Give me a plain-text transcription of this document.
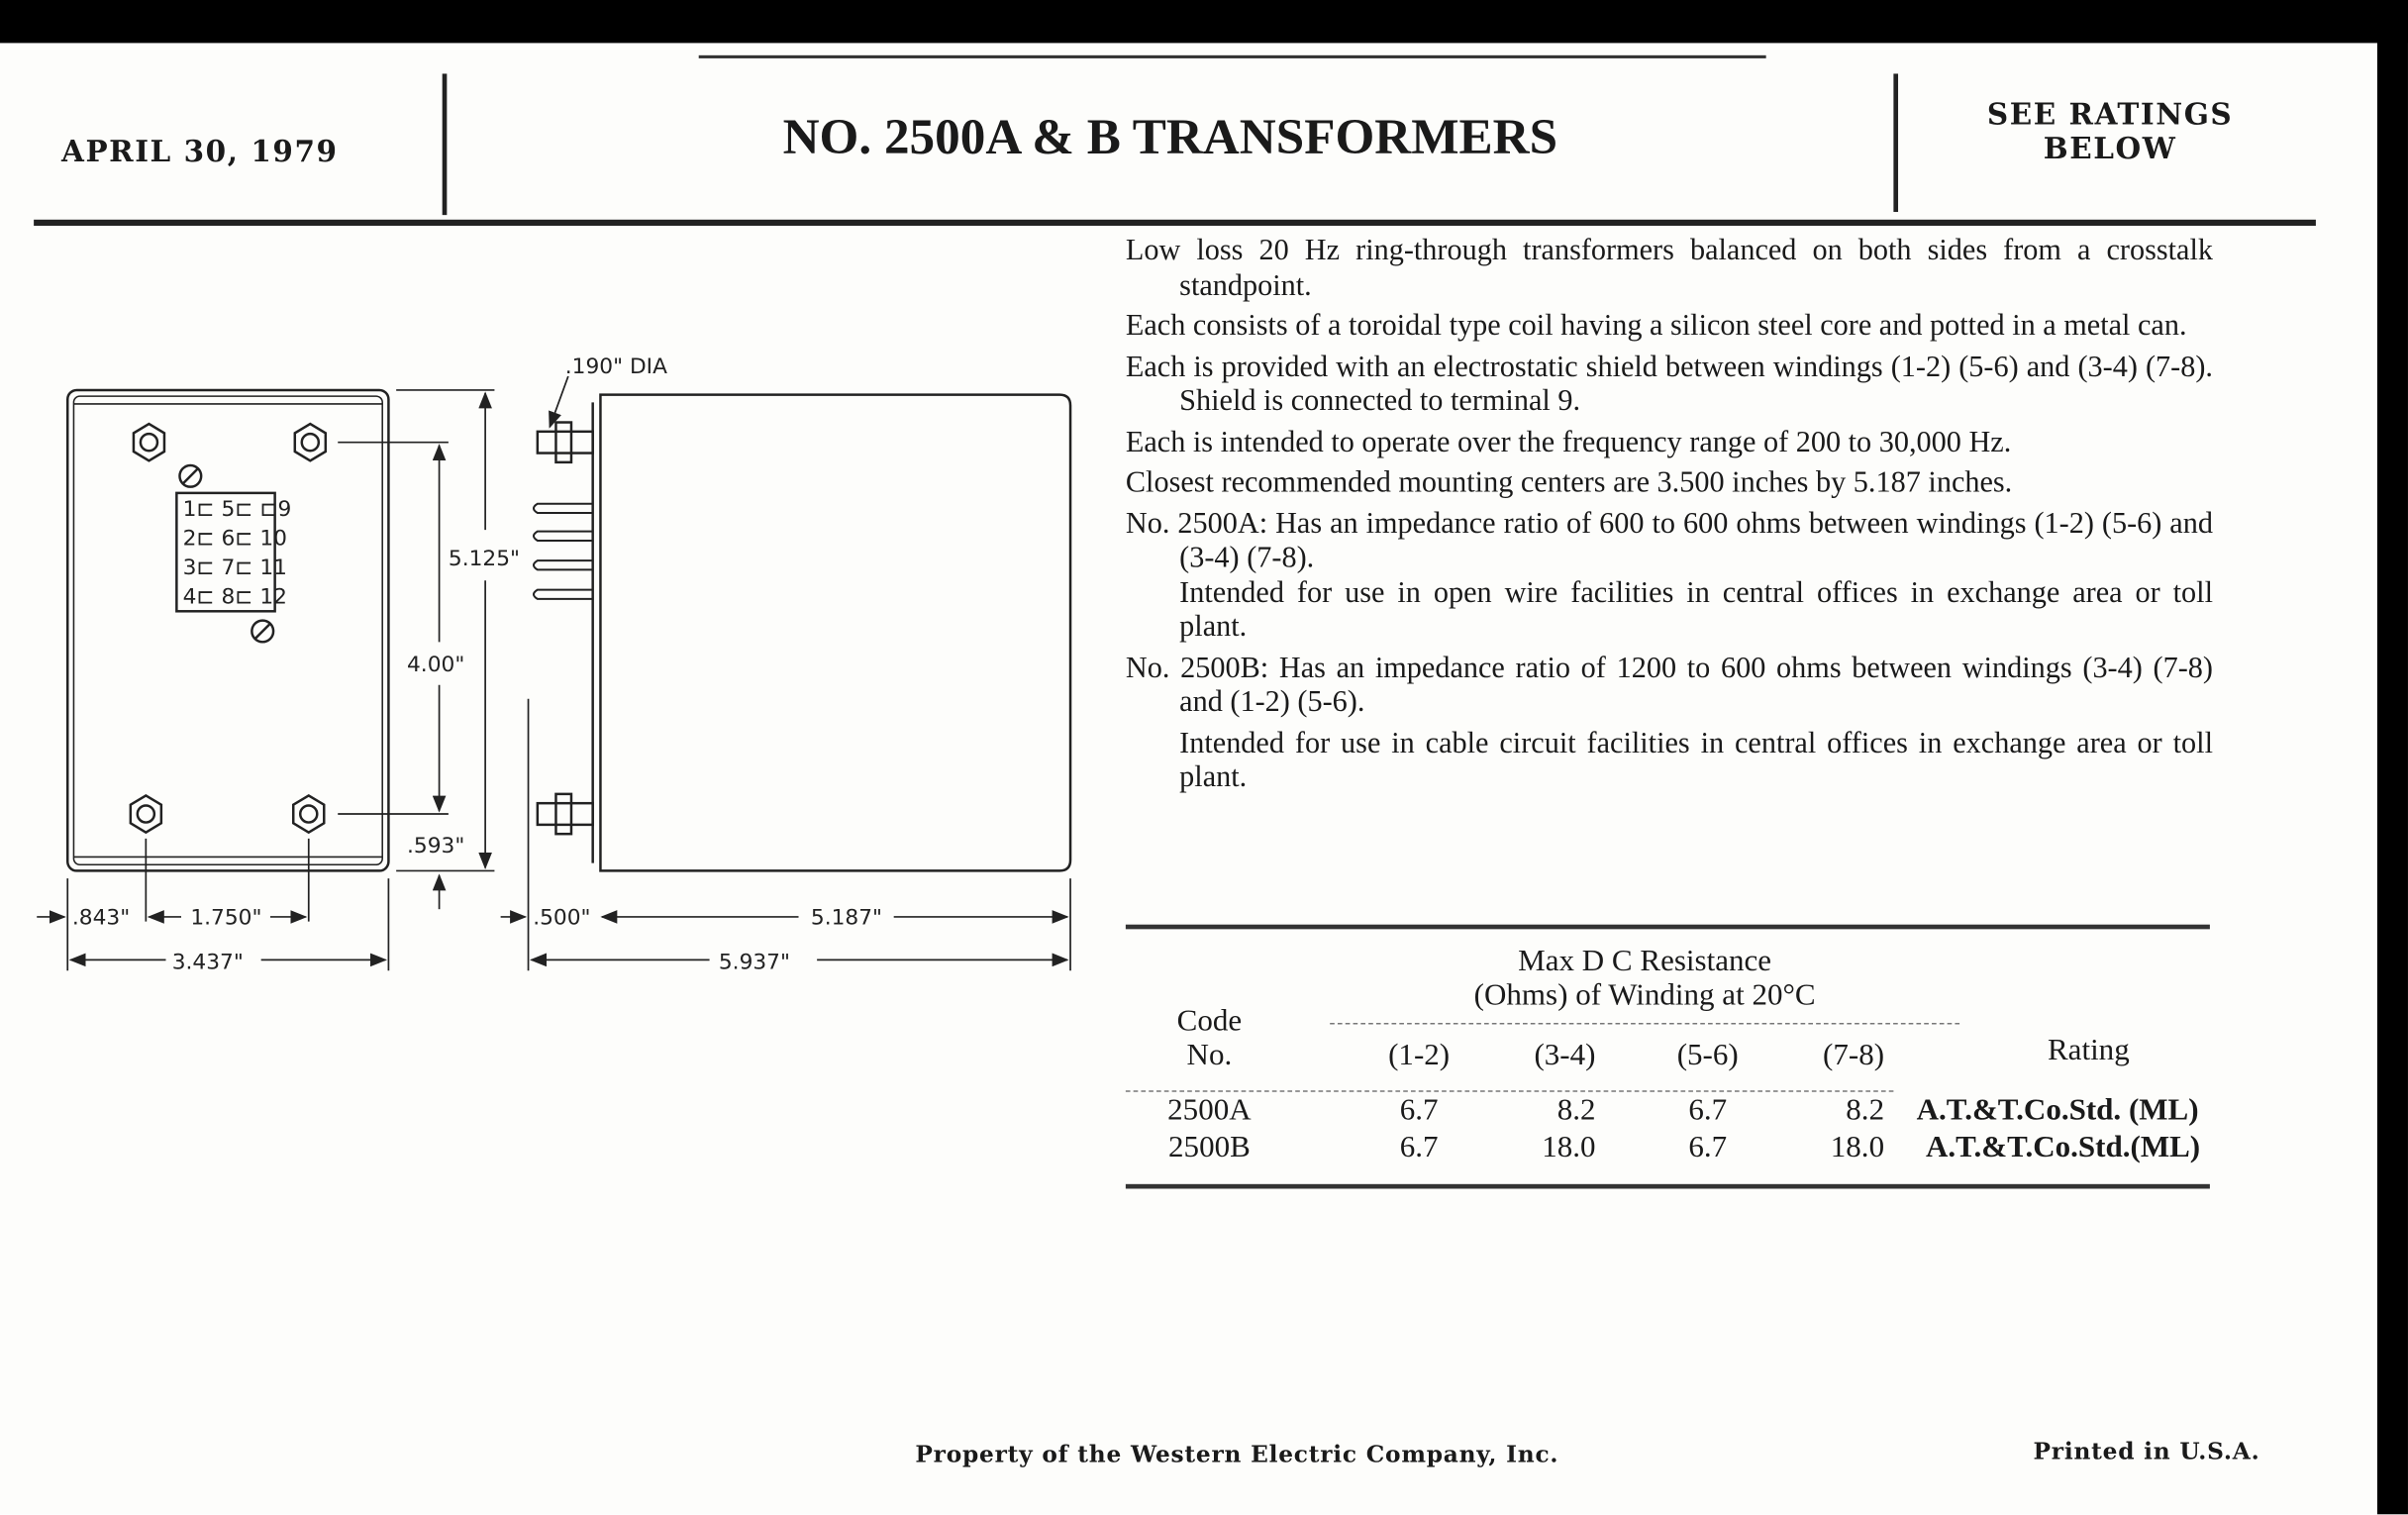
APRIL 30, 1979	NO. 2500A & B TRANSFORMERS	SEE RATINGS
BELOW
1⊏ 5⊏ ⊏9
2⊏ 6⊏ 10
3⊏ 7⊏ 11
4⊏ 8⊏ 12
.190" DIA
5.125"
4.00"
.593"
.843"	1.750"
3.437"
.500"	5.187"
5.937"

Low loss 20 Hz ring-through transformers balanced on both sides from a crosstalk standpoint.

Each consists of a toroidal type coil having a silicon steel core and potted in a metal can.

Each is provided with an electrostatic shield between windings (1-2) (5-6) and (3-4) (7-8). Shield is connected to terminal 9.

Each is intended to operate over the frequency range of 200 to 30,000 Hz.

Closest recommended mounting centers are 3.500 inches by 5.187 inches.

No. 2500A: Has an impedance ratio of 600 to 600 ohms between windings (1-2) (5-6) and (3-4) (7-8).

Intended for use in open wire facilities in central offices in exchange area or toll plant.

No. 2500B: Has an impedance ratio of 1200 to 600 ohms between windings (3-4) (7-8) and (1-2) (5-6).

Intended for use in cable circuit facilities in central offices in exchange area or toll plant.

Max D C Resistance
(Ohms) of Winding at 20°C
Code
No.	(1-2)	(3-4)	(5-6)	(7-8)	Rating
2500A	6.7	8.2	6.7	8.2 A.T.&T.Co.Std. (ML)
2500B	6.7	18.0	6.7	18.0 A.T.&T.Co.Std.(ML)
Property of the Western Electric Company, Inc.	Printed in U.S.A.
